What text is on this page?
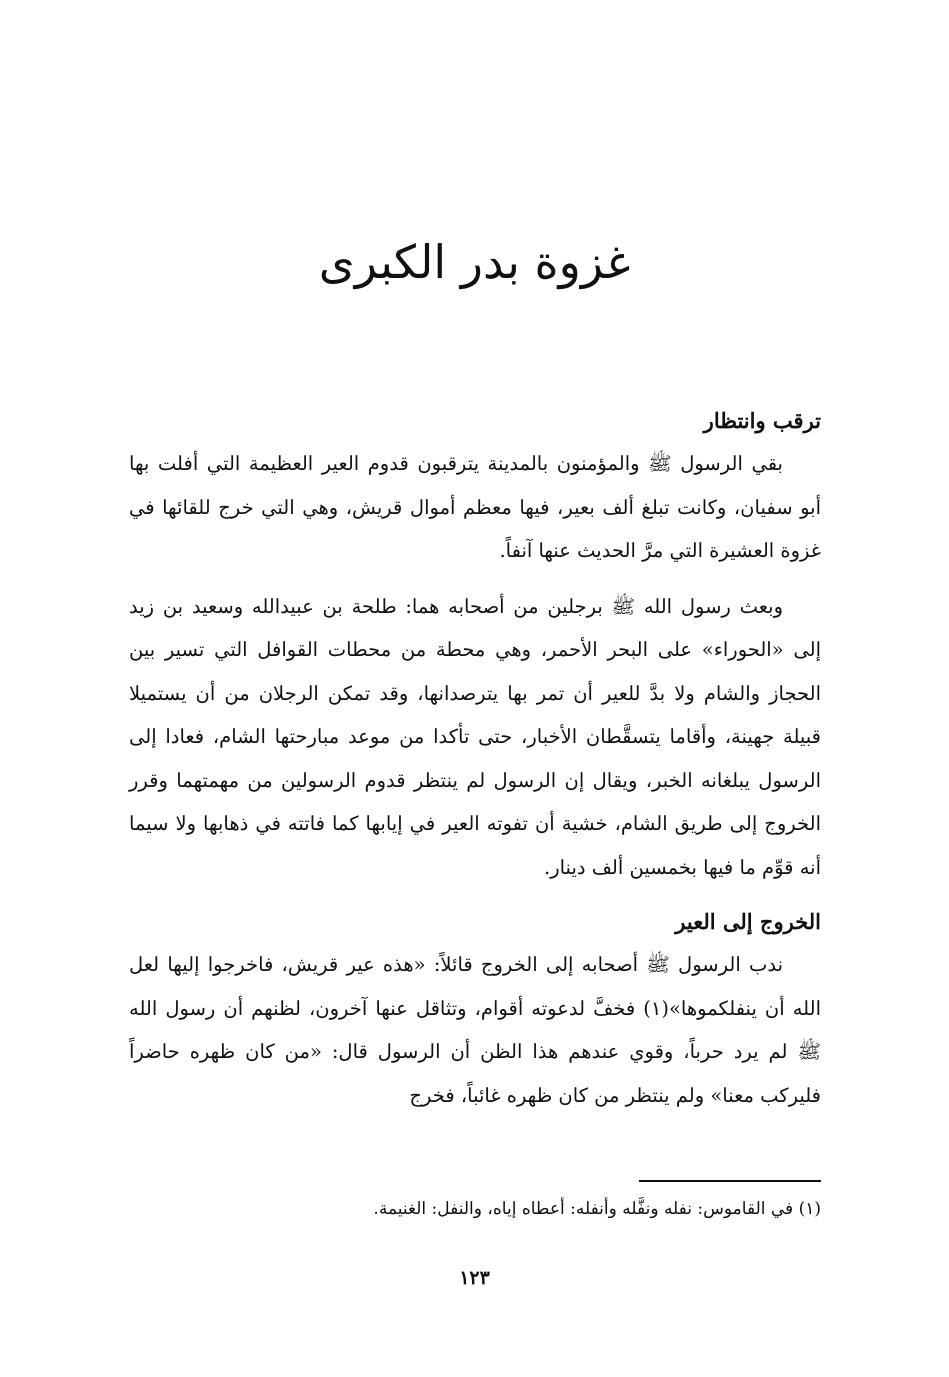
غزوة بدر الكبرى
ترقب وانتظار

بقي الرسول ﷺ والمؤمنون بالمدينة يترقبون قدوم العير العظيمة التي أفلت بها أبو سفيان، وكانت تبلغ ألف بعير، فيها معظم أموال قريش، وهي التي خرج للقائها في غزوة العشيرة التي مرَّ الحديث عنها آنفاً.

وبعث رسول الله ﷺ برجلين من أصحابه هما: طلحة بن عبيدالله وسعيد بن زيد إلى «الحوراء» على البحر الأحمر، وهي محطة من محطات القوافل التي تسير بين الحجاز والشام ولا بدَّ للعير أن تمر بها يترصدانها، وقد تمكن الرجلان من أن يستميلا قبيلة جهينة، وأقاما يتسقَّطان الأخبار، حتى تأكدا من موعد مبارحتها الشام، فعادا إلى الرسول يبلغانه الخبر، ويقال إن الرسول لم ينتظر قدوم الرسولين من مهمتهما وقرر الخروج إلى طريق الشام، خشية أن تفوته العير في إيابها كما فاتته في ذهابها ولا سيما أنه قوِّم ما فيها بخمسين ألف دينار.

الخروج إلى العير

ندب الرسول ﷺ أصحابه إلى الخروج قائلاً: «هذه عير قريش، فاخرجوا إليها لعل الله أن ينفلكموها»(١) فخفَّ لدعوته أقوام، وتثاقل عنها آخرون، لظنهم أن رسول الله ﷺ لم يرد حرباً، وقوي عندهم هذا الظن أن الرسول قال: «من كان ظهره حاضراً فليركب معنا» ولم ينتظر من كان ظهره غائباً، فخرج

(١) في القاموس: نفله ونفَّله وأنفله: أعطاه إياه، والنفل: الغنيمة.

١٢٣
